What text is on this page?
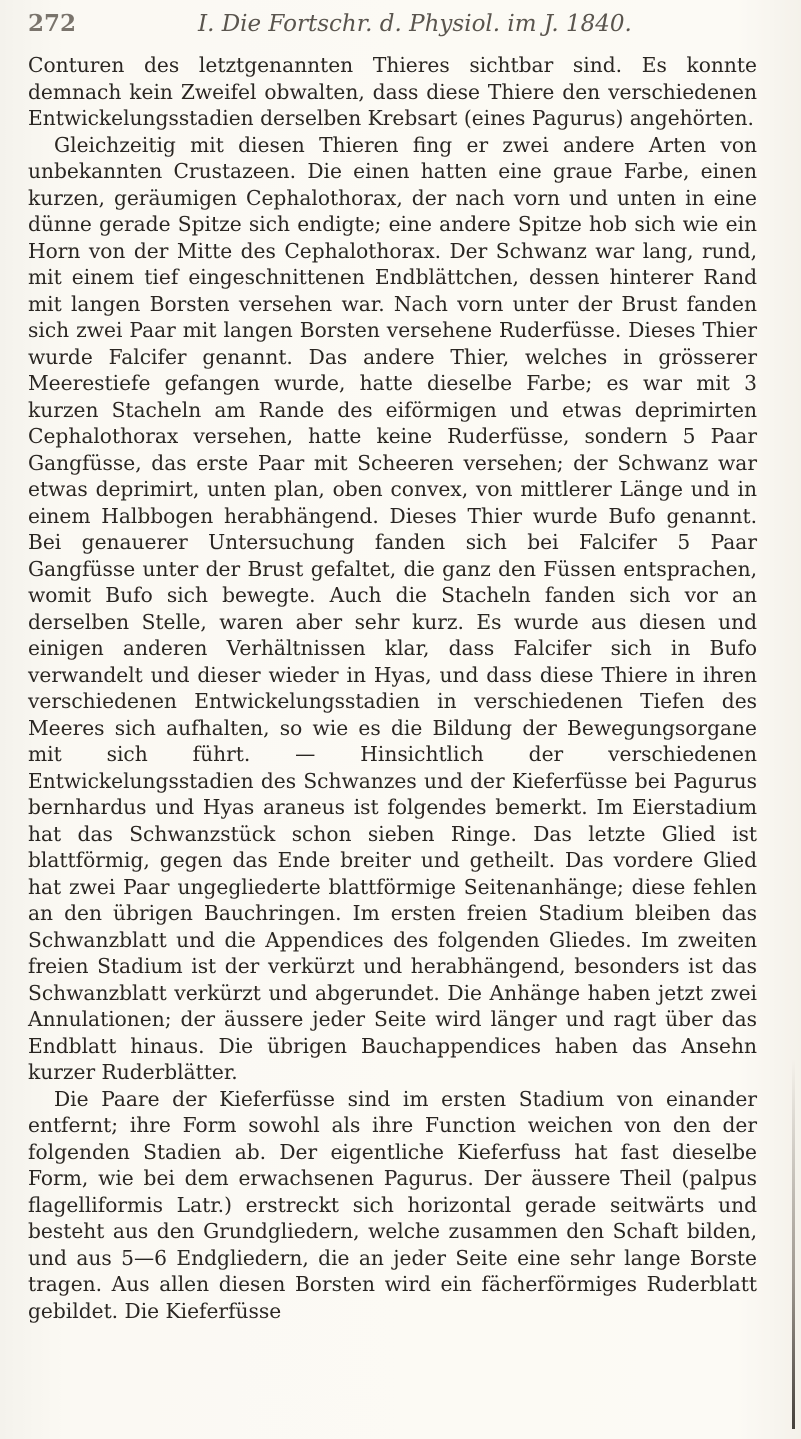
272	I. Die Fortschr. d. Physiol. im J. 1840.

Conturen des letztgenannten Thieres sichtbar sind. Es konnte demnach kein Zweifel obwalten, dass diese Thiere den verschiedenen Entwickelungsstadien derselben Krebsart (eines Pagurus) angehörten.

Gleichzeitig mit diesen Thieren fing er zwei andere Arten von unbekannten Crustazeen. Die einen hatten eine graue Farbe, einen kurzen, geräumigen Cephalothorax, der nach vorn und unten in eine dünne gerade Spitze sich endigte; eine andere Spitze hob sich wie ein Horn von der Mitte des Cephalothorax. Der Schwanz war lang, rund, mit einem tief eingeschnittenen Endblättchen, dessen hinterer Rand mit langen Borsten versehen war. Nach vorn unter der Brust fanden sich zwei Paar mit langen Borsten versehene Ruderfüsse. Dieses Thier wurde Falcifer genannt. Das andere Thier, welches in grösserer Meerestiefe gefangen wurde, hatte dieselbe Farbe; es war mit 3 kurzen Stacheln am Rande des eiförmigen und etwas deprimirten Cephalothorax versehen, hatte keine Ruderfüsse, sondern 5 Paar Gangfüsse, das erste Paar mit Scheeren versehen; der Schwanz war etwas deprimirt, unten plan, oben convex, von mittlerer Länge und in einem Halbbogen herabhängend. Dieses Thier wurde Bufo genannt. Bei genauerer Untersuchung fanden sich bei Falcifer 5 Paar Gangfüsse unter der Brust gefaltet, die ganz den Füssen entsprachen, womit Bufo sich bewegte. Auch die Stacheln fanden sich vor an derselben Stelle, waren aber sehr kurz. Es wurde aus diesen und einigen anderen Verhältnissen klar, dass Falcifer sich in Bufo verwandelt und dieser wieder in Hyas, und dass diese Thiere in ihren verschiedenen Entwickelungsstadien in verschiedenen Tiefen des Meeres sich aufhalten, so wie es die Bildung der Bewegungsorgane mit sich führt. — Hinsichtlich der verschiedenen Entwickelungsstadien des Schwanzes und der Kieferfüsse bei Pagurus bernhardus und Hyas araneus ist folgendes bemerkt. Im Eierstadium hat das Schwanzstück schon sieben Ringe. Das letzte Glied ist blattförmig, gegen das Ende breiter und getheilt. Das vordere Glied hat zwei Paar ungegliederte blattförmige Seitenanhänge; diese fehlen an den übrigen Bauchringen. Im ersten freien Stadium bleiben das Schwanzblatt und die Appendices des folgenden Gliedes. Im zweiten freien Stadium ist der verkürzt und herabhängend, besonders ist das Schwanzblatt verkürzt und abgerundet. Die Anhänge haben jetzt zwei Annulationen; der äussere jeder Seite wird länger und ragt über das Endblatt hinaus. Die übrigen Bauchappendices haben das Ansehn kurzer Ruderblätter.

Die Paare der Kieferfüsse sind im ersten Stadium von einander entfernt; ihre Form sowohl als ihre Function weichen von den der folgenden Stadien ab. Der eigentliche Kieferfuss hat fast dieselbe Form, wie bei dem erwachsenen Pagurus. Der äussere Theil (palpus flagelliformis Latr.) erstreckt sich horizontal gerade seitwärts und besteht aus den Grundgliedern, welche zusammen den Schaft bilden, und aus 5—6 Endgliedern, die an jeder Seite eine sehr lange Borste tragen. Aus allen diesen Borsten wird ein fächerförmiges Ruderblatt gebildet. Die Kieferfüsse
